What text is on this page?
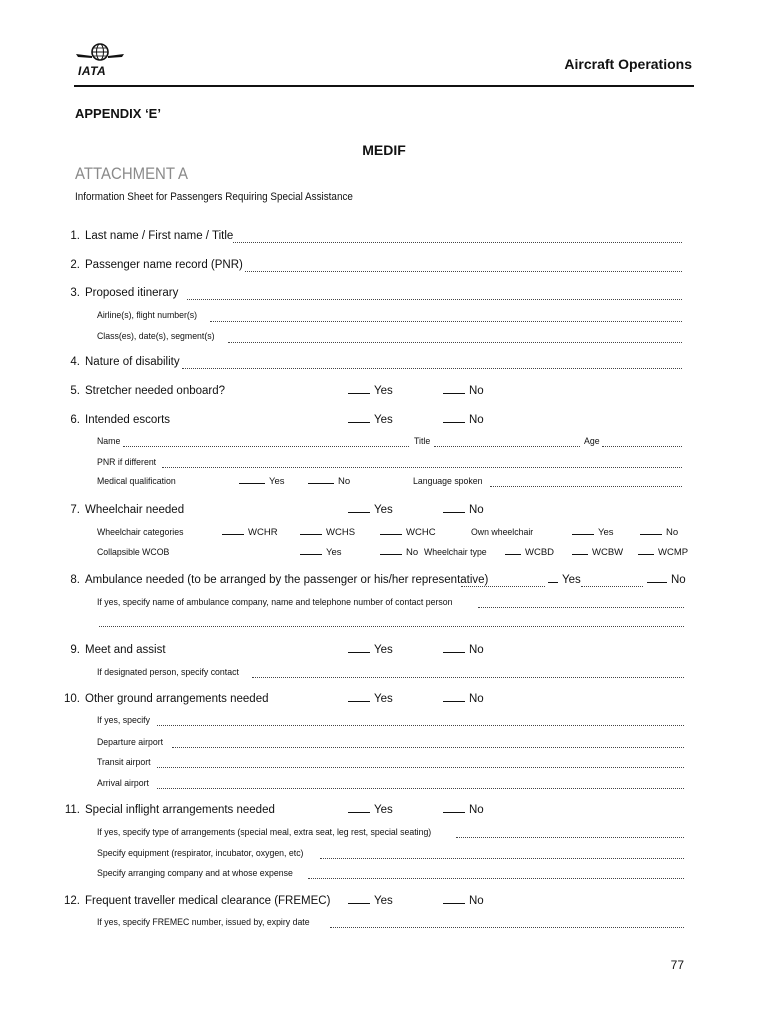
IATA	Aircraft Operations
APPENDIX ‘E’
MEDIF
ATTACHMENT A
Information Sheet for Passengers Requiring Special Assistance
1. Last name / First name / Title
2. Passenger name record (PNR)
3. Proposed itinerary
Airline(s), flight number(s)
Class(es), date(s), segment(s)
4. Nature of disability
5. Stretcher needed onboard?	Yes	No
6. Intended escorts	Yes	No
Name	Title	Age
PNR if different
Medical qualification	Yes	No	Language spoken
7. Wheelchair needed	Yes	No
Wheelchair categories	WCHR	WCHS	WCHC	Own wheelchair	Yes	No
Collapsible WCOB	Yes	No Wheelchair type	WCBD	WCBW	WCMP
8. Ambulance needed (to be arranged by the passenger or his/her representative)	Yes	No
If yes, specify name of ambulance company, name and telephone number of contact person
9. Meet and assist	Yes	No
If designated person, specify contact
10. Other ground arrangements needed	Yes	No
If yes, specify
Departure airport
Transit airport
Arrival airport
11. Special inflight arrangements needed	Yes	No
If yes, specify type of arrangements (special meal, extra seat, leg rest, special seating)
Specify equipment (respirator, incubator, oxygen, etc)
Specify arranging company and at whose expense
12. Frequent traveller medical clearance (FREMEC)	Yes	No
If yes, specify FREMEC number, issued by, expiry date
77
